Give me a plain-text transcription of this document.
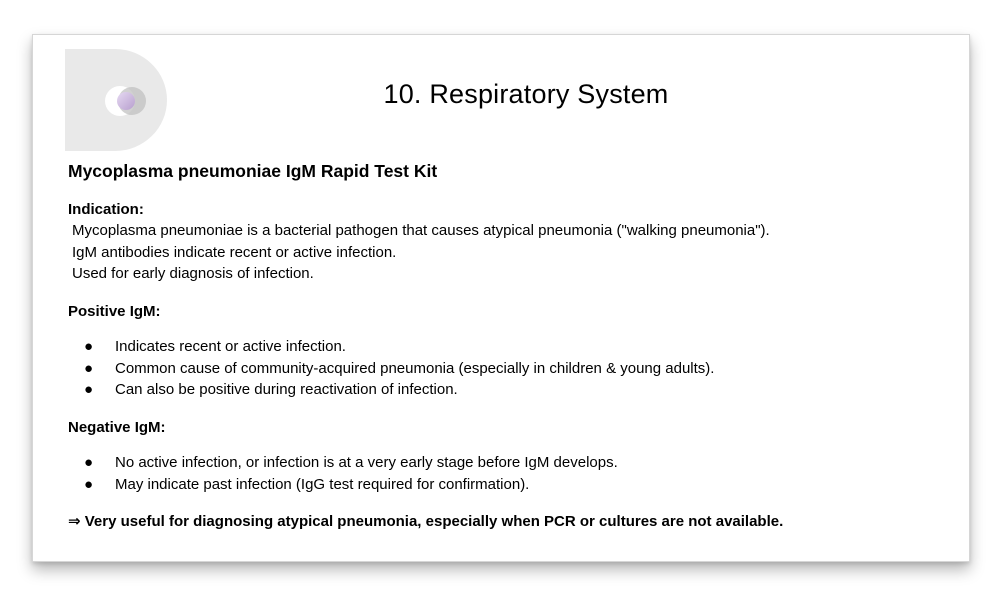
10. Respiratory System
Mycoplasma pneumoniae IgM Rapid Test Kit
Indication:
Mycoplasma pneumoniae is a bacterial pathogen that causes atypical pneumonia ("walking pneumonia").
IgM antibodies indicate recent or active infection.
Used for early diagnosis of infection.
Positive IgM:
● Indicates recent or active infection.
● Common cause of community-acquired pneumonia (especially in children & young adults).
● Can also be positive during reactivation of infection.
Negative IgM:
● No active infection, or infection is at a very early stage before IgM develops.
● May indicate past infection (IgG test required for confirmation).
⇒ Very useful for diagnosing atypical pneumonia, especially when PCR or cultures are not available.
